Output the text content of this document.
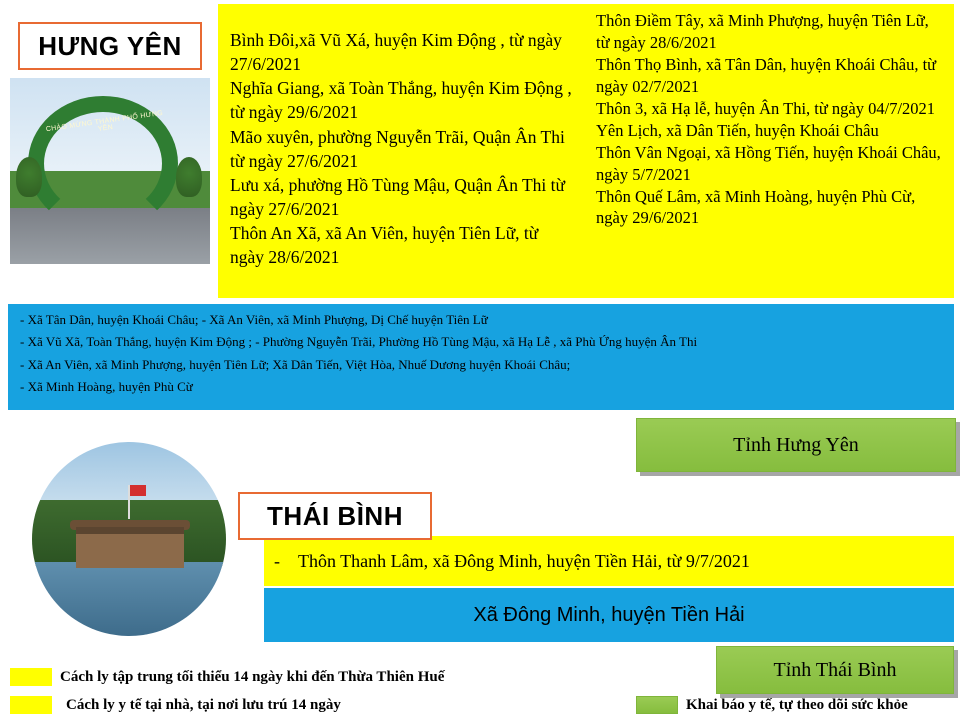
CHÀO MỪNG THÀNH PHỐ HƯNG YÊN
HƯNG YÊN	Bình Đôi,xã Vũ Xá, huyện Kim Động , từ ngày 27/6/2021

Nghĩa Giang, xã Toàn Thắng, huyện Kim Động , từ ngày 29/6/2021

Mão xuyên, phường Nguyễn Trãi, Quận Ân Thi từ ngày 27/6/2021

Lưu xá, phường Hồ Tùng Mậu, Quận Ân Thi từ ngày 27/6/2021

Thôn An Xã, xã An Viên, huyện Tiên Lữ, từ ngày 28/6/2021

Thôn Điềm Tây, xã Minh Phượng, huyện Tiên Lữ, từ ngày 28/6/2021

Thôn Thọ Bình, xã Tân Dân, huyện Khoái Châu, từ ngày 02/7/2021

Thôn 3, xã Hạ lễ, huyện Ân Thi, từ ngày 04/7/2021

Yên Lịch, xã Dân Tiến, huyện Khoái Châu

Thôn Vân Ngoại, xã Hồng Tiến, huyện Khoái Châu, ngày 5/7/2021

Thôn Quế Lâm, xã Minh Hoàng, huyện Phù Cừ, ngày 29/6/2021

- Xã Tân Dân, huyện Khoái Châu; - Xã An Viên, xã Minh Phượng, Dị Chế huyện Tiên Lữ

- Xã Vũ Xã, Toàn Thắng, huyện Kim Động ; - Phường Nguyễn Trãi, Phường Hồ Tùng Mậu, xã Hạ Lễ , xã Phù Ứng huyện Ân Thi

- Xã An Viên, xã Minh Phượng, huyện Tiên Lữ; Xã Dân Tiến, Việt Hòa, Nhuế Dương huyện Khoái Châu;

- Xã Minh Hoàng, huyện Phù Cừ

Tỉnh Hưng Yên
THÁI BÌNH
- Thôn Thanh Lâm, xã Đông Minh, huyện Tiền Hải, từ 9/7/2021
Xã Đông Minh, huyện Tiền Hải
Tỉnh Thái Bình
Cách ly tập trung tối thiểu 14 ngày khi đến Thừa Thiên Huế
Cách ly y tế tại nhà, tại nơi lưu trú 14 ngày	Khai báo y tế, tự theo dõi sức khỏe
